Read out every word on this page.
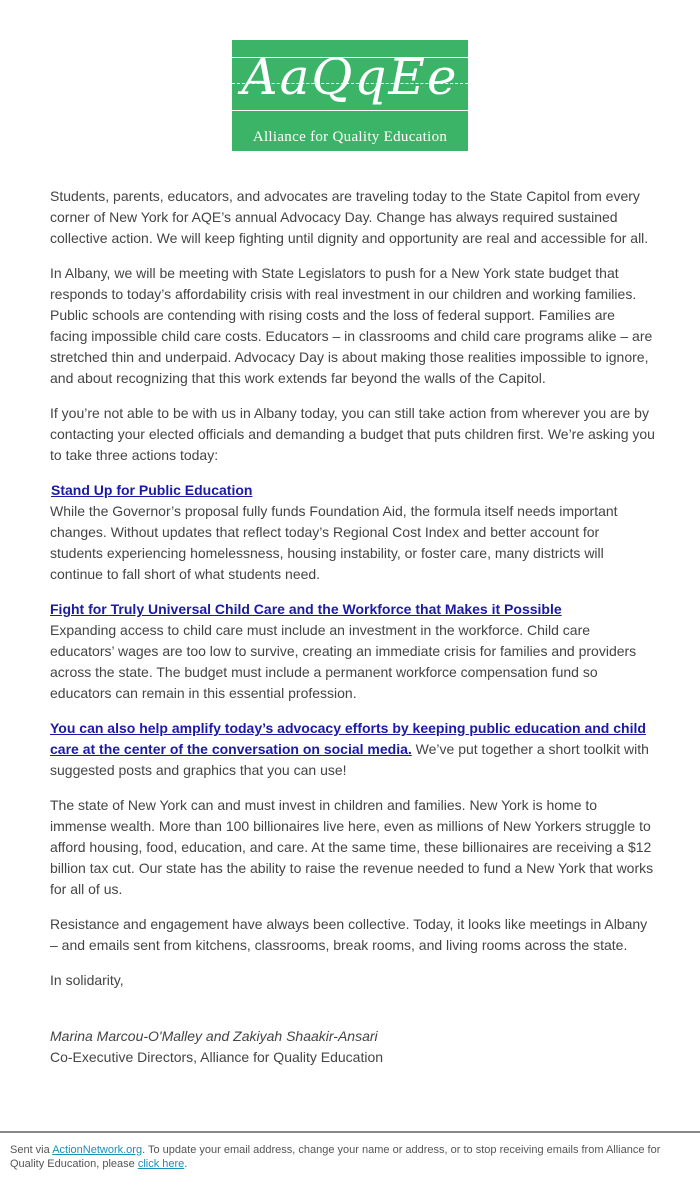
AaQqEe
Alliance for Quality Education

Students, parents, educators, and advocates are traveling today to the State Capitol from every corner of New York for AQE’s annual Advocacy Day. Change has always required sustained collective action. We will keep fighting until dignity and opportunity are real and accessible for all.

In Albany, we will be meeting with State Legislators to push for a New York state budget that responds to today’s affordability crisis with real investment in our children and working families. Public schools are contending with rising costs and the loss of federal support. Families are facing impossible child care costs. Educators – in classrooms and child care programs alike – are stretched thin and underpaid. Advocacy Day is about making those realities impossible to ignore, and about recognizing that this work extends far beyond the walls of the Capitol.

If you’re not able to be with us in Albany today, you can still take action from wherever you are by contacting your elected officials and demanding a budget that puts children first. We’re asking you to take three actions today:

Stand Up for Public Education
While the Governor’s proposal fully funds Foundation Aid, the formula itself needs important changes. Without updates that reflect today’s Regional Cost Index and better account for students experiencing homelessness, housing instability, or foster care, many districts will continue to fall short of what students need.

Fight for Truly Universal Child Care and the Workforce that Makes it Possible
Expanding access to child care must include an investment in the workforce. Child care educators’ wages are too low to survive, creating an immediate crisis for families and providers across the state. The budget must include a permanent workforce compensation fund so educators can remain in this essential profession.

You can also help amplify today’s advocacy efforts by keeping public education and child care at the center of the conversation on social media. We’ve put together a short toolkit with suggested posts and graphics that you can use!

The state of New York can and must invest in children and families. New York is home to immense wealth. More than 100 billionaires live here, even as millions of New Yorkers struggle to afford housing, food, education, and care. At the same time, these billionaires are receiving a $12 billion tax cut. Our state has the ability to raise the revenue needed to fund a New York that works for all of us.

Resistance and engagement have always been collective. Today, it looks like meetings in Albany – and emails sent from kitchens, classrooms, break rooms, and living rooms across the state.

In solidarity,

Marina Marcou-O'Malley and Zakiyah Shaakir-Ansari
Co-Executive Directors, Alliance for Quality Education

Sent via ActionNetwork.org. To update your email address, change your name or address, or to stop receiving emails from Alliance for Quality Education, please click here.
